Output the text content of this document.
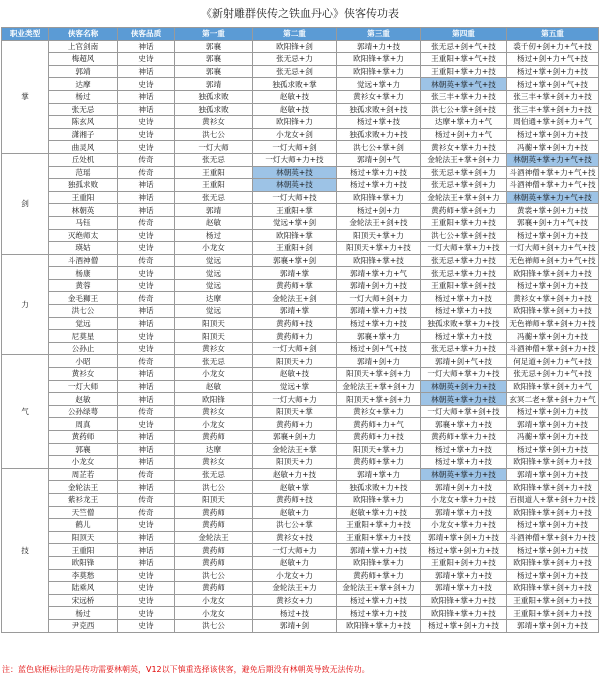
《新射雕群侠传之铁血丹心》侠客传功表
职业类型	侠客名称	侠客品质	第一重	第二重	第三重	第四重	第五重
掌	上官剑南	神话	郭襄	欧阳锋+剑	郭靖+力+技	张无忌+剑+气+技	裘千仞+剑+力+气+技
	梅超风	史诗	郭襄	张无忌+力	欧阳锋+掌+力	王重阳+掌+气+技	杨过+剑+力+气+技
	郭靖	神话	郭襄	张无忌+剑	欧阳锋+掌+力	王重阳+掌+力+技	杨过+掌+剑+力+技
	达摩	史诗	郭靖	独孤求败+掌	觉远+掌+力	林朝英+掌+气+技	杨过+掌+剑+气+技
	杨过	神话	独孤求败	赵敏+技	黄衫女+掌+力	张三丰+掌+力+技	张三丰+掌+剑+力+技
	张无忌	神话	独孤求败	赵敏+技	独孤求败+剑+技	洪七公+掌+剑+技	张三丰+掌+剑+力+技
	陈玄风	史诗	黄衫女	欧阳锋+力	杨过+掌+技	达摩+掌+力+气	周伯通+掌+剑+力+气
	潇湘子	史诗	洪七公	小龙女+剑	独孤求败+力+技	杨过+剑+力+气	杨过+掌+剑+力+技
	曲灵风	史诗	一灯大师	一灯大师+剑	洪七公+掌+剑	黄衫女+掌+力+技	冯蘅+掌+剑+力+技
剑	丘处机	传奇	张无忌	一灯大师+力+技	郭靖+剑+气	金轮法王+掌+剑+力	林朝英+掌+力+气+技
	范瑶	传奇	王重阳	林朝英+技	杨过+掌+力+技	张无忌+掌+剑+力	斗酒神僧+掌+力+气+技
	独孤求败	神话	王重阳	林朝英+技	杨过+掌+力+技	张无忌+掌+剑+力	斗酒神僧+掌+力+气+技
	王重阳	神话	张无忌	一灯大师+技	欧阳锋+掌+力	金轮法王+掌+剑+力	林朝英+掌+力+气+技
	林朝英	神话	郭靖	王重阳+掌	杨过+剑+力	黄药师+掌+剑+力	黄裳+掌+剑+力+技
	马钰	传奇	赵敏	觉远+掌+剑	金轮法王+剑+技	王重阳+掌+力+技	郭襄+剑+力+气+技
	灭绝师太	史诗	杨过	欧阳锋+掌	阳顶天+掌+力	洪七公+掌+剑+技	杨过+掌+剑+力+技
	瑛姑	史诗	小龙女	王重阳+剑	阳顶天+掌+力+技	一灯大师+掌+力+技	一灯大师+剑+力+气+技
力	斗酒神僧	传奇	觉远	郭襄+掌+剑	欧阳锋+掌+技	张无忌+掌+力+技	无色禅师+剑+力+气+技
	杨康	史诗	觉远	郭靖+掌	郭靖+掌+力+气	张无忌+掌+力+技	欧阳锋+掌+剑+力+技
	黄蓉	史诗	觉远	黄药师+掌	郭靖+剑+力+技	王重阳+掌+剑+技	杨过+掌+剑+力+技
	金毛狮王	传奇	达摩	金轮法王+剑	一灯大师+剑+力	杨过+掌+力+技	黄衫女+掌+剑+力+技
	洪七公	神话	觉远	郭靖+掌	郭靖+掌+力+技	杨过+掌+力+技	欧阳锋+掌+剑+力+技
	觉远	神话	阳顶天	黄药师+技	杨过+掌+力+技	独孤求败+掌+力+技	无色禅师+掌+剑+力+技
	尼莫星	史诗	阳顶天	黄药师+力	郭襄+掌+力	杨过+掌+力+技	冯蘅+掌+剑+力+技
	公孙止	史诗	黄衫女	一灯大师+剑	杨过+剑+气+技	张无忌+掌+力+技	斗酒神僧+掌+剑+力+技
气	小昭	传奇	张无忌	阳顶天+力	郭靖+剑+力	郭靖+剑+气+技	何足道+剑+力+气+技
	黄衫女	神话	小龙女	赵敏+技	阳顶天+掌+剑+力	一灯大师+掌+力+技	张无忌+剑+力+气+技
	一灯大师	神话	赵敏	觉远+掌	金轮法王+掌+剑+力	林朝英+剑+力+技	欧阳锋+掌+剑+力+气
	赵敏	神话	欧阳锋	一灯大师+力	阳顶天+掌+剑+力	林朝英+掌+力+技	玄冥二老+掌+剑+力+气
	公孙绿萼	传奇	黄衫女	阳顶天+掌	黄衫女+掌+力	一灯大师+掌+剑+技	杨过+掌+剑+力+技
	周真	史诗	小龙女	黄药师+力	黄药师+力+气	郭襄+掌+力+技	郭靖+掌+剑+力+技
	黄药师	神话	黄药师	郭襄+剑+力	黄药师+力+技	黄药师+掌+力+技	冯蘅+掌+剑+力+技
	郭襄	神话	达摩	金轮法王+掌	阳顶天+掌+力	杨过+掌+力+技	杨过+掌+剑+力+技
	小龙女	神话	黄衫女	阳顶天+力	黄药师+掌+力	杨过+掌+力+技	欧阳锋+掌+剑+力+技
技	周芷若	传奇	张无忌	赵敏+力+技	郭靖+掌+力	林朝英+掌+力+技	郭靖+掌+剑+力+技
	金轮法王	神话	洪七公	赵敏+掌	独孤求败+力+技	郭靖+剑+力+技	欧阳锋+掌+剑+力+技
	紫衫龙王	传奇	阳顶天	黄药师+技	欧阳锋+掌+力	小龙女+掌+力+技	百损道人+掌+剑+力+技
	天竺僧	传奇	黄药师	赵敏+力	赵敏+掌+力+技	郭靖+掌+力+技	欧阳锋+掌+剑+力+技
	鹤儿	史诗	黄药师	洪七公+掌	王重阳+掌+力+技	小龙女+掌+力+技	杨过+掌+剑+力+技
	阳顶天	神话	金轮法王	黄衫女+技	王重阳+掌+力+技	郭靖+掌+剑+力+技	斗酒神僧+掌+剑+力+技
	王重阳	神话	黄药师	一灯大师+力	郭靖+掌+力+技	杨过+掌+剑+力+技	杨过+掌+剑+力+技
	欧阳锋	神话	黄药师	赵敏+力	欧阳锋+掌+力	王重阳+剑+力+技	欧阳锋+掌+剑+力+技
	李莫愁	史诗	洪七公	小龙女+力	黄药师+掌+力	郭靖+掌+力+技	杨过+掌+剑+力+技
	陆乘风	史诗	黄药师	金轮法王+力	金轮法王+掌+剑+力	郭靖+掌+力+技	欧阳锋+掌+剑+力+技
	宋远桥	史诗	小龙女	黄衫女+力	杨过+掌+力+技	欧阳锋+掌+力+技	王重阳+掌+剑+力+技
	杨过	史诗	小龙女	杨过+技	杨过+掌+力+技	欧阳锋+掌+力+技	王重阳+掌+剑+力+技
	尹克西	史诗	洪七公	郭靖+剑	欧阳锋+掌+力+技	杨过+掌+剑+力+技	郭靖+掌+剑+力+技
注：蓝色底框标注的是传功需要林朝英，V12以下慎重选择该侠客，避免后期没有林朝英导致无法传功。
